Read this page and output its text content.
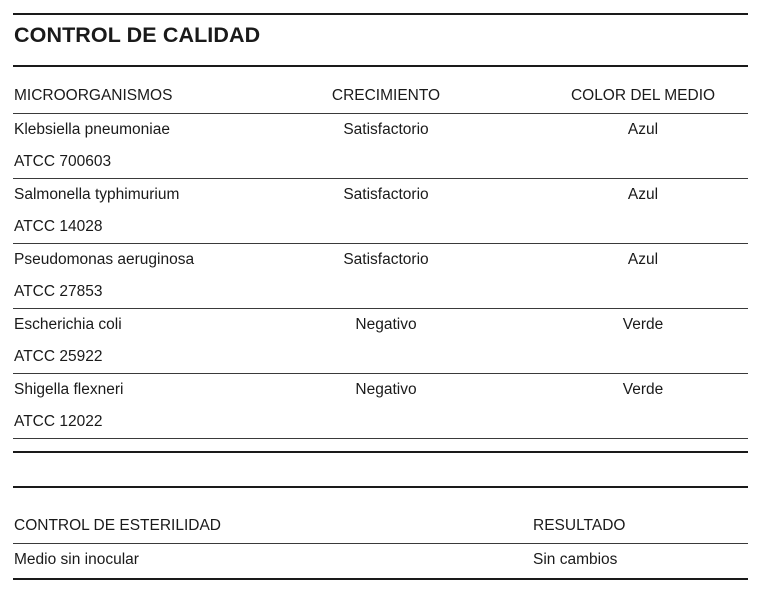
CONTROL DE CALIDAD
MICROORGANISMOS	CRECIMIENTO	COLOR DEL MEDIO
Klebsiella pneumoniae	Satisfactorio	Azul
ATCC 700603
Salmonella typhimurium	Satisfactorio	Azul
ATCC 14028
Pseudomonas aeruginosa	Satisfactorio	Azul
ATCC 27853
Escherichia coli	Negativo	Verde
ATCC 25922
Shigella flexneri	Negativo	Verde
ATCC 12022
CONTROL DE ESTERILIDAD	RESULTADO
Medio sin inocular	Sin cambios
